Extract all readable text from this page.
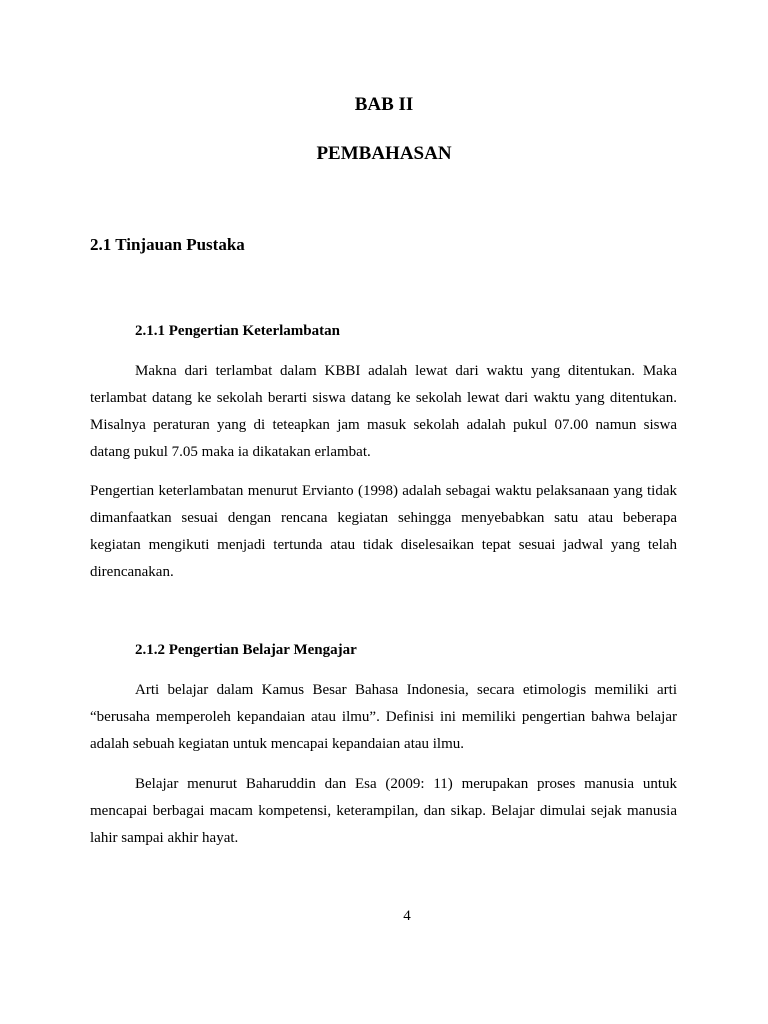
BAB II
PEMBAHASAN
2.1 Tinjauan Pustaka
2.1.1 Pengertian Keterlambatan

Makna dari terlambat dalam KBBI adalah lewat dari waktu yang ditentukan. Maka terlambat datang ke sekolah berarti siswa datang ke sekolah lewat dari waktu yang ditentukan. Misalnya peraturan yang di teteapkan jam masuk sekolah adalah pukul 07.00 namun siswa datang pukul 7.05 maka ia dikatakan erlambat.

Pengertian keterlambatan menurut Ervianto (1998) adalah sebagai waktu pelaksanaan yang tidak dimanfaatkan sesuai dengan rencana kegiatan sehingga menyebabkan satu atau beberapa kegiatan mengikuti menjadi tertunda atau tidak diselesaikan tepat sesuai jadwal yang telah direncanakan.

2.1.2 Pengertian Belajar Mengajar

Arti belajar dalam Kamus Besar Bahasa Indonesia, secara etimologis memiliki arti “berusaha memperoleh kepandaian atau ilmu”. Definisi ini memiliki pengertian bahwa belajar adalah sebuah kegiatan untuk mencapai kepandaian atau ilmu.

Belajar menurut Baharuddin dan Esa (2009: 11) merupakan proses manusia untuk mencapai berbagai macam kompetensi, keterampilan, dan sikap. Belajar dimulai sejak manusia lahir sampai akhir hayat.

4
